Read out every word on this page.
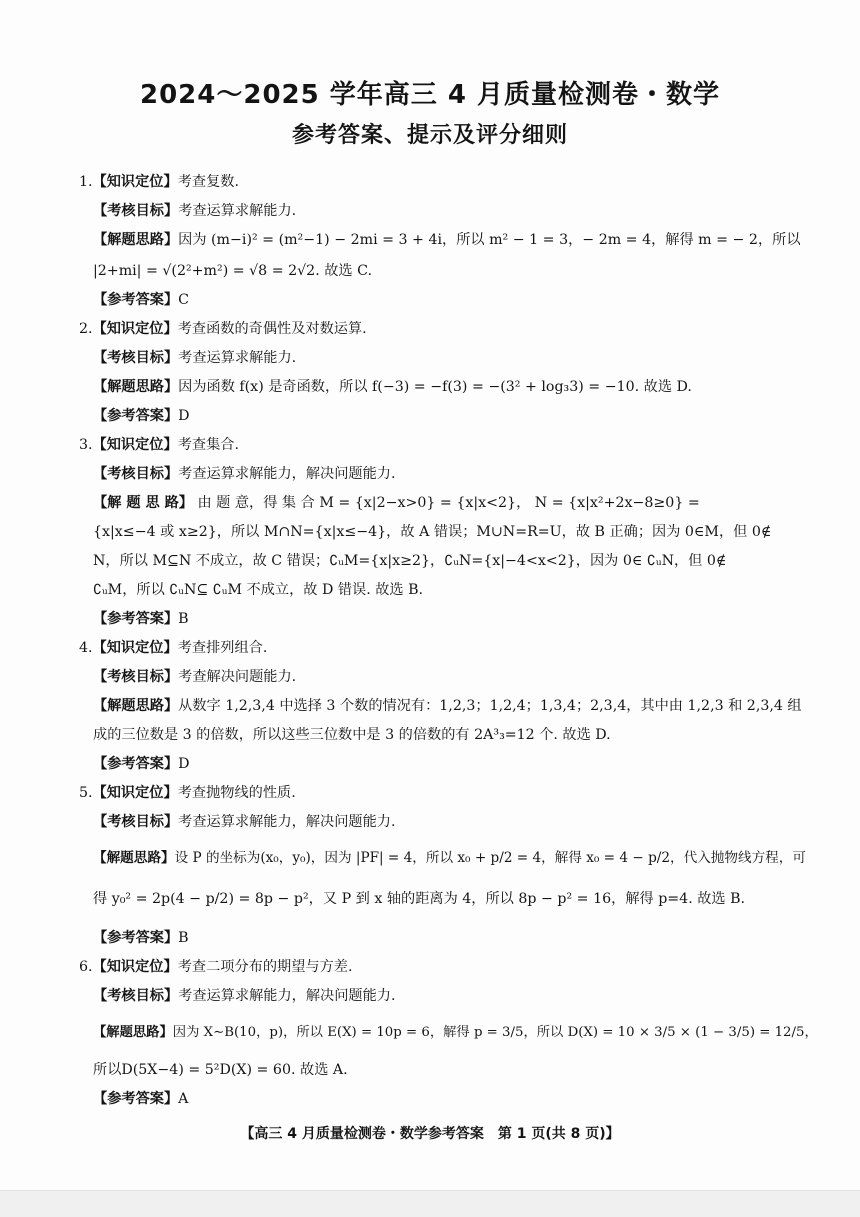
2024～2025 学年高三 4 月质量检测卷・数学
参考答案、提示及评分细则
1.【知识定位】考查复数.
【考核目标】考查运算求解能力.
【解题思路】因为 (m−i)² = (m²−1) − 2mi = 3 + 4i，所以 m² − 1 = 3，− 2m = 4，解得 m = − 2，所以
|2+mi| = √(2²+m²) = √8 = 2√2. 故选 C.
【参考答案】C
2.【知识定位】考查函数的奇偶性及对数运算.
【考核目标】考查运算求解能力.
【解题思路】因为函数 f(x) 是奇函数，所以 f(−3) = −f(3) = −(3² + log₃3) = −10. 故选 D.
【参考答案】D
3.【知识定位】考查集合.
【考核目标】考查运算求解能力，解决问题能力.
【解 题 思 路】 由 题 意，得 集 合 M = {x|2−x>0} = {x|x<2}， N = {x|x²+2x−8≥0} =
{x|x≤−4 或 x≥2}，所以 M∩N={x|x≤−4}，故 A 错误；M∪N=R=U，故 B 正确；因为 0∈M，但 0∉
N，所以 M⊆N 不成立，故 C 错误；∁ᵤM={x|x≥2}，∁ᵤN={x|−4<x<2}，因为 0∈ ∁ᵤN，但 0∉
∁ᵤM，所以 ∁ᵤN⊆ ∁ᵤM 不成立，故 D 错误. 故选 B.
【参考答案】B
4.【知识定位】考查排列组合.
【考核目标】考查解决问题能力.
【解题思路】从数字 1,2,3,4 中选择 3 个数的情况有：1,2,3；1,2,4；1,3,4；2,3,4，其中由 1,2,3 和 2,3,4 组
成的三位数是 3 的倍数，所以这些三位数中是 3 的倍数的有 2A³₃=12 个. 故选 D.
【参考答案】D
5.【知识定位】考查抛物线的性质.
【考核目标】考查运算求解能力，解决问题能力.
【解题思路】设 P 的坐标为(x₀，y₀)，因为 |PF| = 4，所以 x₀ + p/2 = 4，解得 x₀ = 4 − p/2，代入抛物线方程，可
得 y₀² = 2p(4 − p/2) = 8p − p²，又 P 到 x 轴的距离为 4，所以 8p − p² = 16，解得 p=4. 故选 B.
【参考答案】B
6.【知识定位】考查二项分布的期望与方差.
【考核目标】考查运算求解能力，解决问题能力.
【解题思路】因为 X∼B(10，p)，所以 E(X) = 10p = 6，解得 p = 3/5，所以 D(X) = 10 × 3/5 × (1 − 3/5) = 12/5，
所以D(5X−4) = 5²D(X) = 60. 故选 A.
【参考答案】A
【高三 4 月质量检测卷・数学参考答案　第 1 页(共 8 页)】
